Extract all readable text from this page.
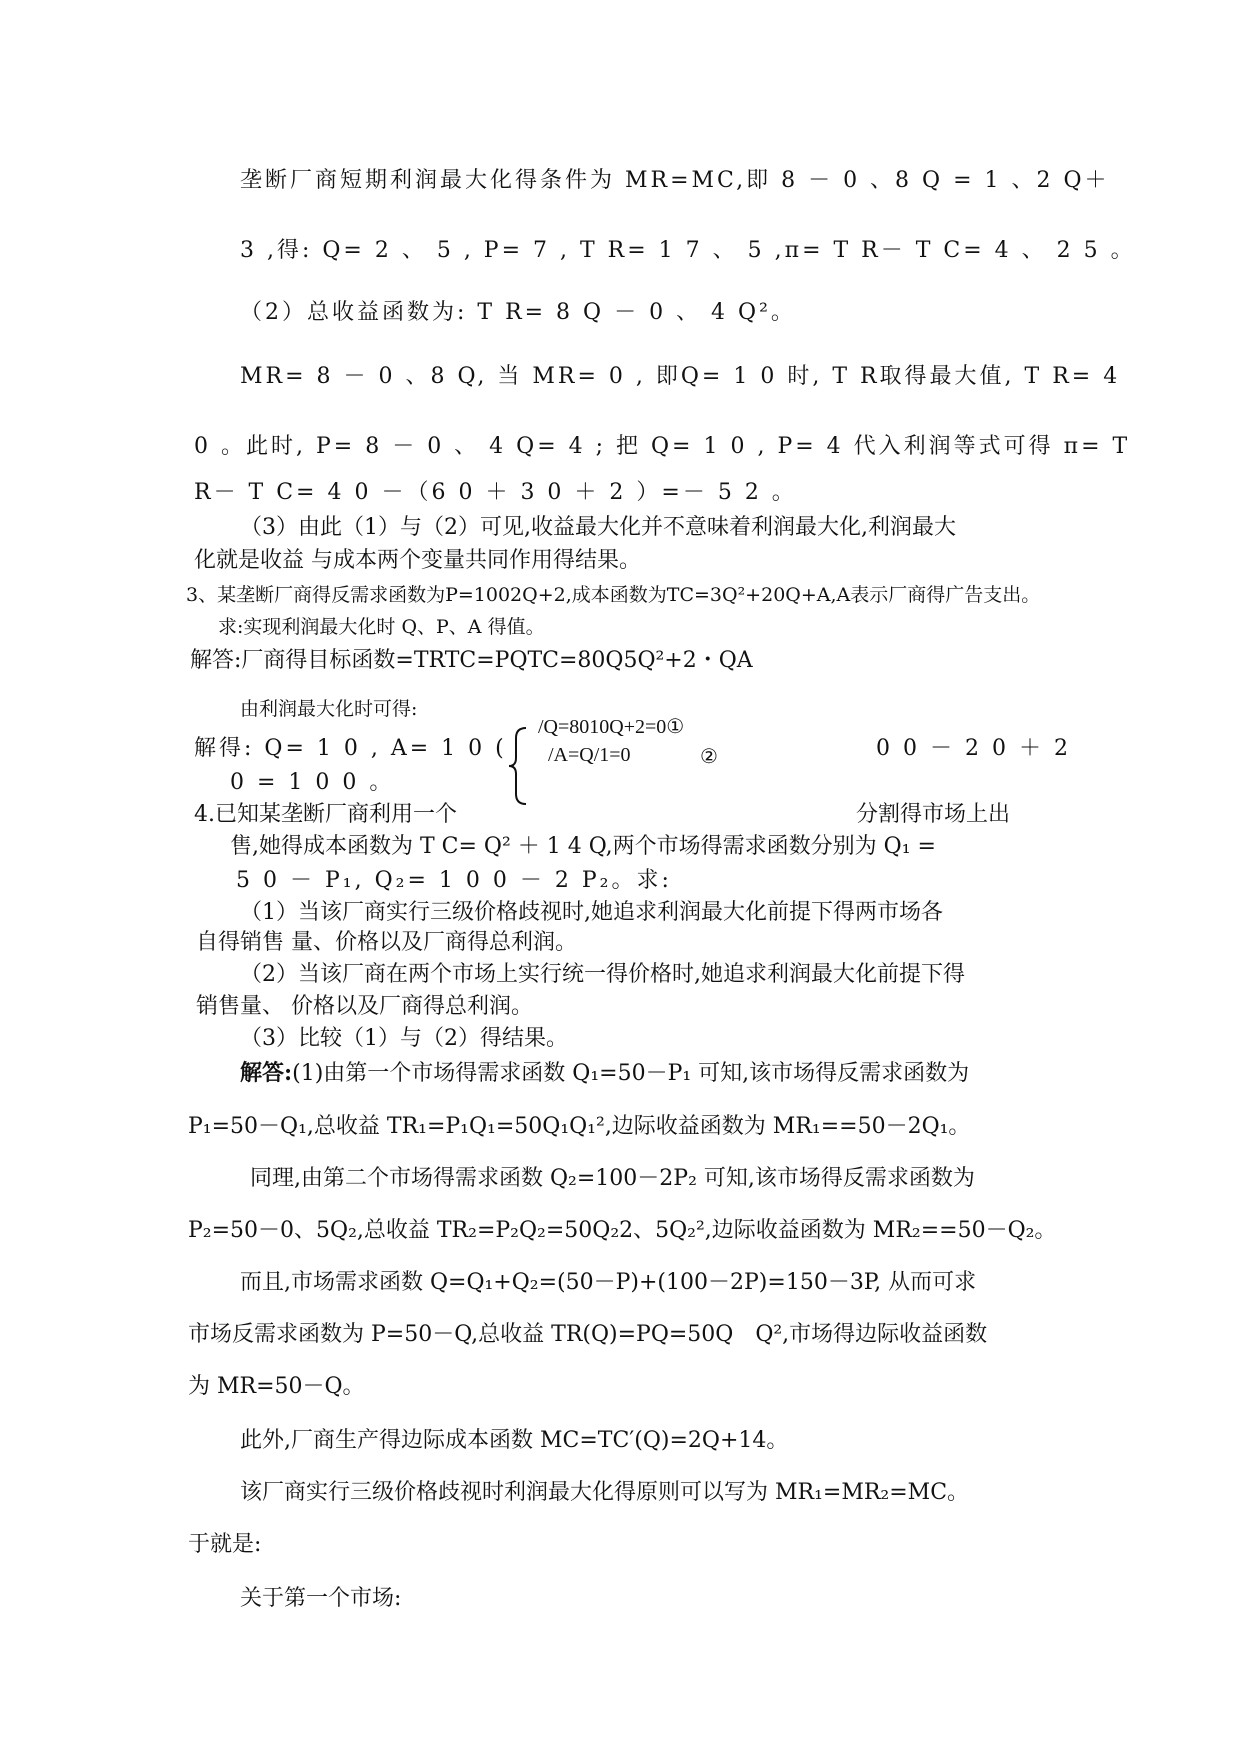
垄断厂商短期利润最大化得条件为 MR=MC,即 8 － 0 、8 Q = 1 、2 Q＋
3 ,得: Q= 2 、 5 , P= 7 , T R= 1 7 、 5 ,π= T R－ T C= 4 、 2 5 。
（2）总收益函数为: T R= 8 Q － 0 、 4 Q²。
MR= 8 － 0 、8 Q, 当 MR= 0 , 即Q= 1 0 时, T R取得最大值, T R= 4
0 。此时, P= 8 － 0 、 4 Q= 4 ; 把 Q= 1 0 , P= 4 代入利润等式可得 π= T
R－ T C= 4 0 －（6 0 ＋ 3 0 ＋ 2 ）=－ 5 2 。
（3）由此（1）与（2）可见,收益最大化并不意味着利润最大化,利润最大
化就是收益 与成本两个变量共同作用得结果。
3、某垄断厂商得反需求函数为P=1002Q+2,成本函数为TC=3Q²+20Q+A,A表示厂商得广告支出。
求:实现利润最大化时 Q、P、A 得值。
解答:厂商得目标函数=TRTC=PQTC=80Q5Q²+2・QA
由利润最大化时可得:
/Q=8010Q+2=0①
/A=Q/1=0	②
解得: Q= 1 0 , A= 1 0 (	0 0 － 2 0 ＋ 2
0 = 1 0 0 。
4.已知某垄断厂商利用一个	分割得市场上出
售,她得成本函数为 T C= Q² ＋ 1 4 Q,两个市场得需求函数分别为 Q₁ =
5 0 － P₁, Q₂= 1 0 0 － 2 P₂。求:
（1）当该厂商实行三级价格歧视时,她追求利润最大化前提下得两市场各
自得销售 量、价格以及厂商得总利润。
（2）当该厂商在两个市场上实行统一得价格时,她追求利润最大化前提下得
销售量、 价格以及厂商得总利润。
（3）比较（1）与（2）得结果。
解答:(1)由第一个市场得需求函数 Q₁=50－P₁ 可知,该市场得反需求函数为
P₁=50－Q₁,总收益 TR₁=P₁Q₁=50Q₁Q₁²,边际收益函数为 MR₁==50－2Q₁。
同理,由第二个市场得需求函数 Q₂=100－2P₂ 可知,该市场得反需求函数为
P₂=50－0、5Q₂,总收益 TR₂=P₂Q₂=50Q₂2、5Q₂²,边际收益函数为 MR₂==50－Q₂。
而且,市场需求函数 Q=Q₁+Q₂=(50－P)+(100－2P)=150－3P, 从而可求
市场反需求函数为 P=50－Q,总收益 TR(Q)=PQ=50Q　Q²,市场得边际收益函数
为 MR=50－Q。
此外,厂商生产得边际成本函数 MC=TC′(Q)=2Q+14。
该厂商实行三级价格歧视时利润最大化得原则可以写为 MR₁=MR₂=MC。
于就是:
关于第一个市场:
